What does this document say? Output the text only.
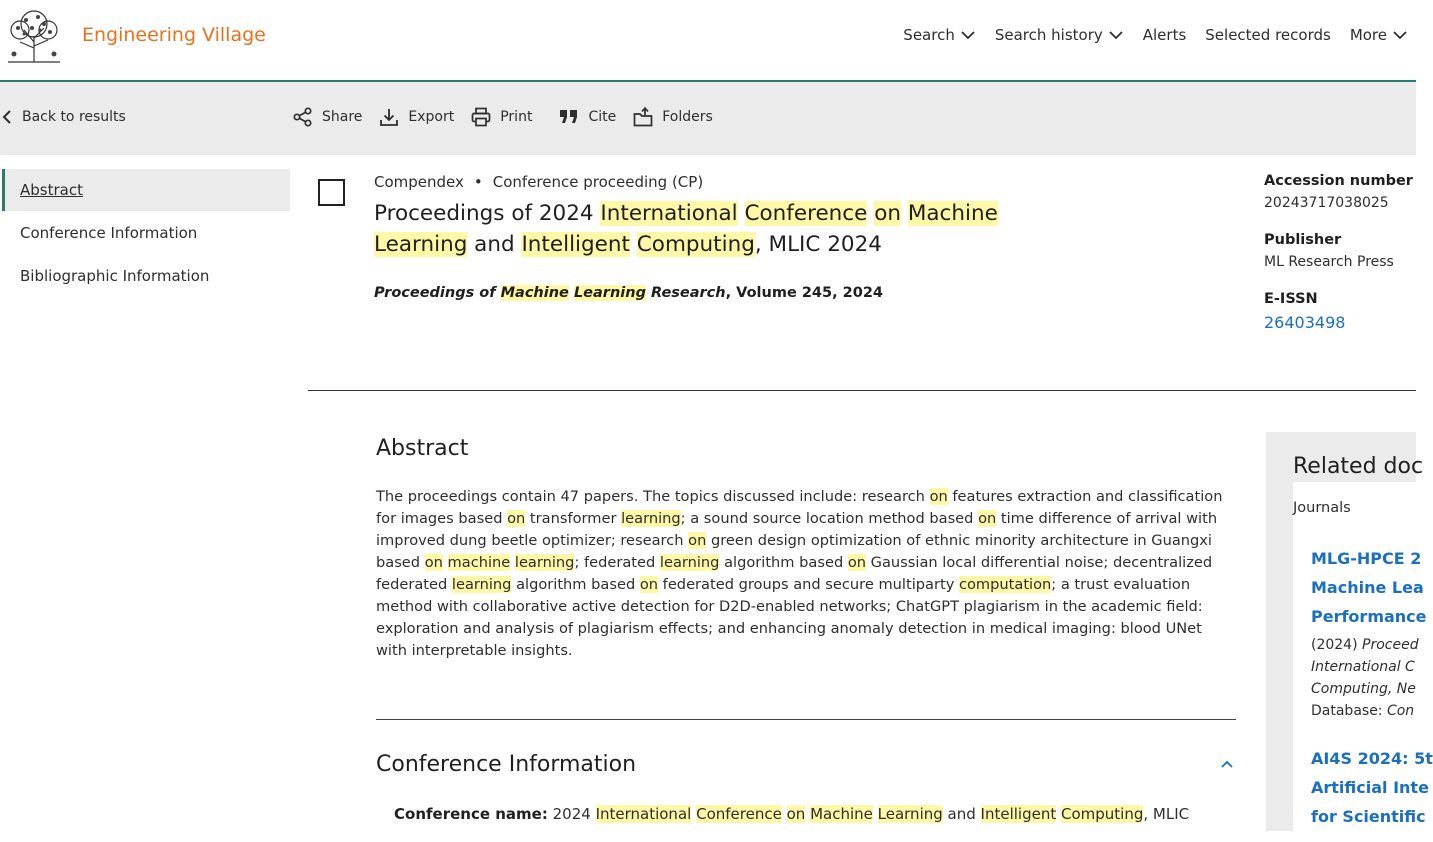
Engineering Village	Search	Search history	Alerts Selected records More
Back to results	Share	Export	Print	Cite	Folders
Abstract
Conference Information
Bibliographic Information
Compendex • Conference proceeding (CP)
Proceedings of 2024 International Conference on Machine Learning and Intelligent Computing, MLIC 2024
Proceedings of Machine Learning Research, Volume 245, 2024
Accession number
20243717038025
Publisher
ML Research Press
E-ISSN
26403498
Abstract
The proceedings contain 47 papers. The topics discussed include: research on features extraction and classification for images based on transformer learning; a sound source location method based on time difference of arrival with improved dung beetle optimizer; research on green design optimization of ethnic minority architecture in Guangxi based on machine learning; federated learning algorithm based on Gaussian local differential noise; decentralized federated learning algorithm based on federated groups and secure multiparty computation; a trust evaluation method with collaborative active detection for D2D-enabled networks; ChatGPT plagiarism in the academic field: exploration and analysis of plagiarism effects; and enhancing anomaly detection in medical imaging: blood UNet with interpretable insights.
Conference Information
Conference name: 2024 International Conference on Machine Learning and Intelligent Computing, MLIC
Related doc
Journals
MLG-HPCE 2
Machine Lea
Performance
(2024) Proceed
International C
Computing, Ne
Database: Con
AI4S 2024: 5t
Artificial Inte
for Scientific
